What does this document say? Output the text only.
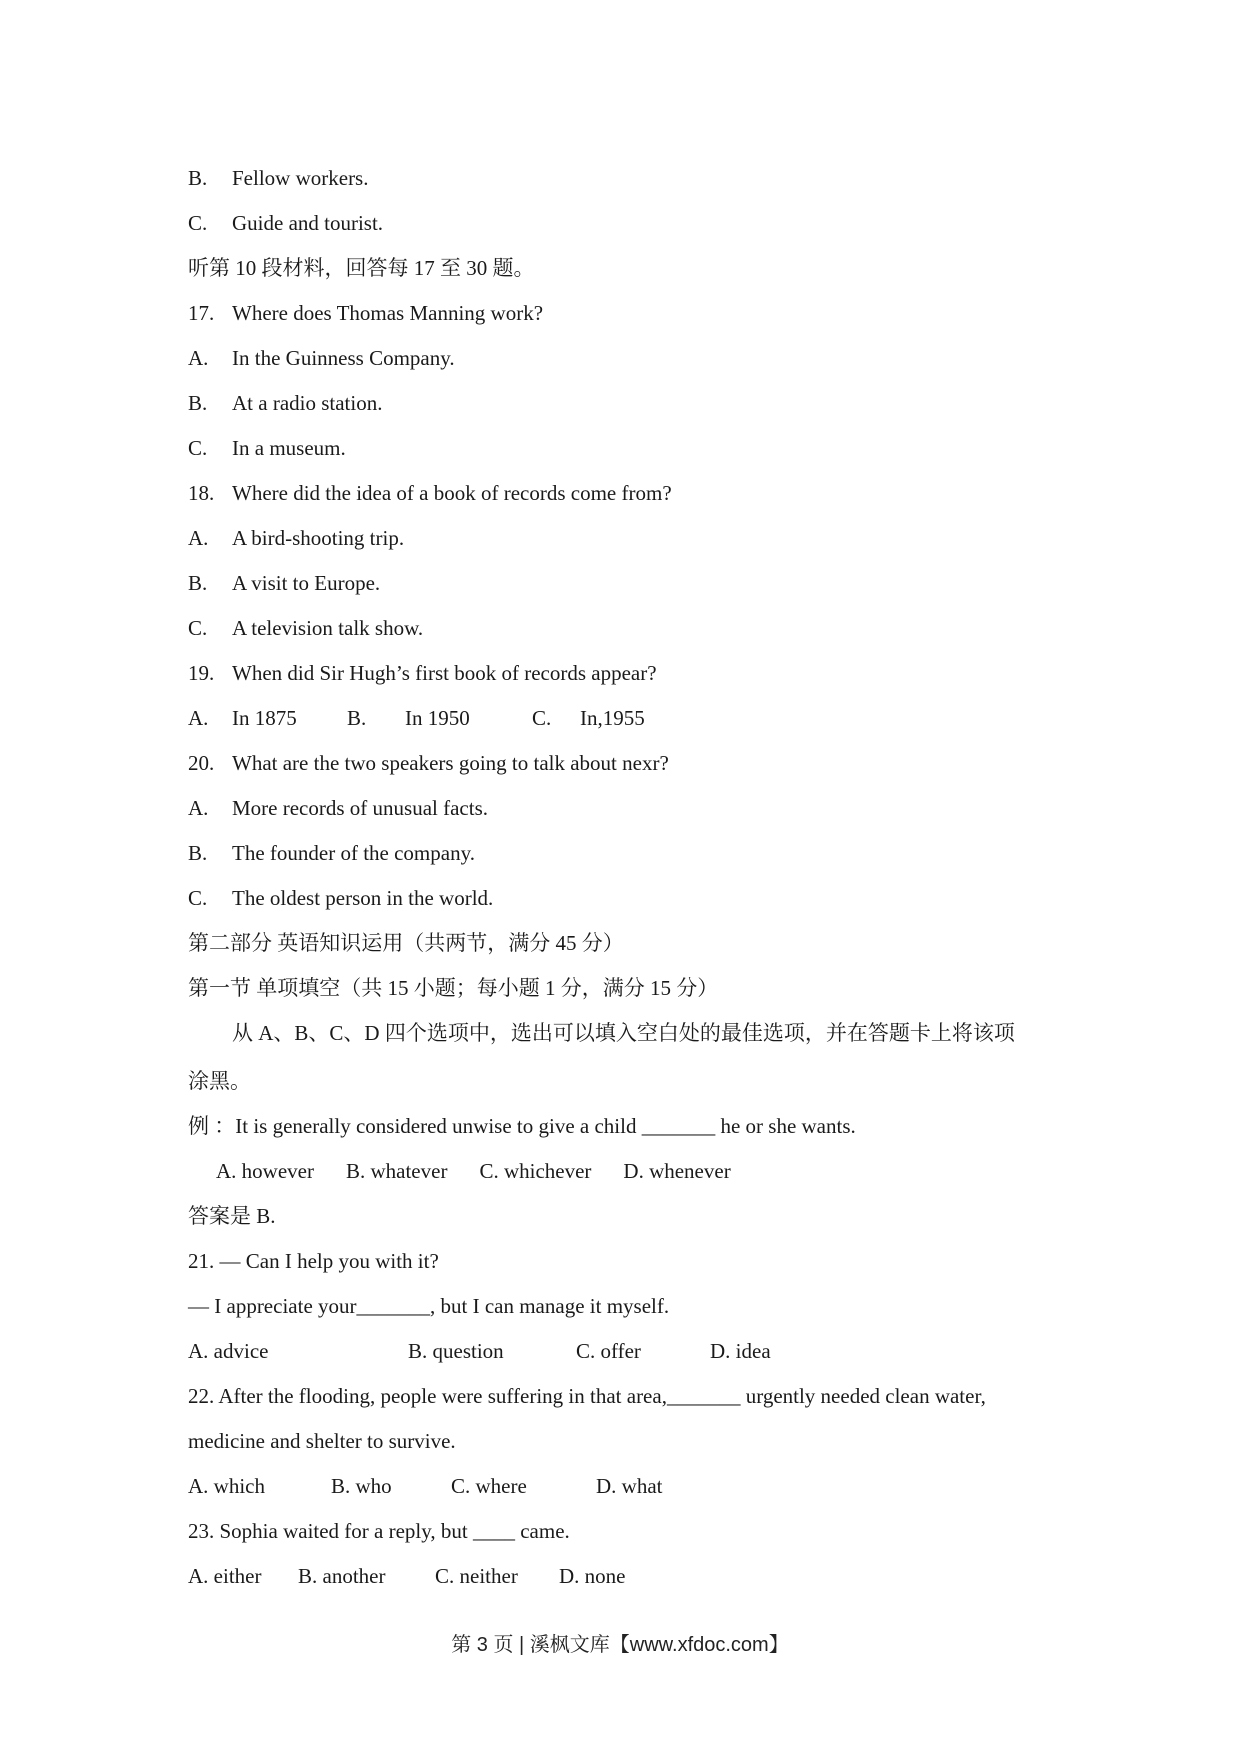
B. Fellow workers.
C. Guide and tourist.
听第 10 段材料，回答每 17 至 30 题。
17. Where does Thomas Manning work?
A. In the Guinness Company.
B. At a radio station.
C. In a museum.
18. Where did the idea of a book of records come from?
A. A bird-shooting trip.
B. A visit to Europe.
C. A television talk show.
19. When did Sir Hugh’s first book of records appear?
A. In 1875 B. In 1950	C. In,1955
20. What are the two speakers going to talk about nexr?
A. More records of unusual facts.
B. The founder of the company.
C. The oldest person in the world.
第二部分 英语知识运用（共两节，满分 45 分）
第一节 单项填空（共 15 小题；每小题 1 分，满分 15 分）
从 A、B、C、D 四个选项中，选出可以填入空白处的最佳选项，并在答题卡上将该项
涂黑。
例 ：It is generally considered unwise to give a child _______ he or she wants.
A. however B. whatever C. whichever D. whenever
答案是 B.
21. — Can I help you with it?
— I appreciate your_______, but I can manage it myself.
A. advice	B. question	C. offer	D. idea
22. After the flooding, people were suffering in that area,_______ urgently needed clean water,
medicine and shelter to survive.
A. which	B. who	C. where	D. what
23. Sophia waited for a reply, but ____ came.
A. either B. another C. neither D. none
第 3 页 | 溪枫文库【www.xfdoc.com】
